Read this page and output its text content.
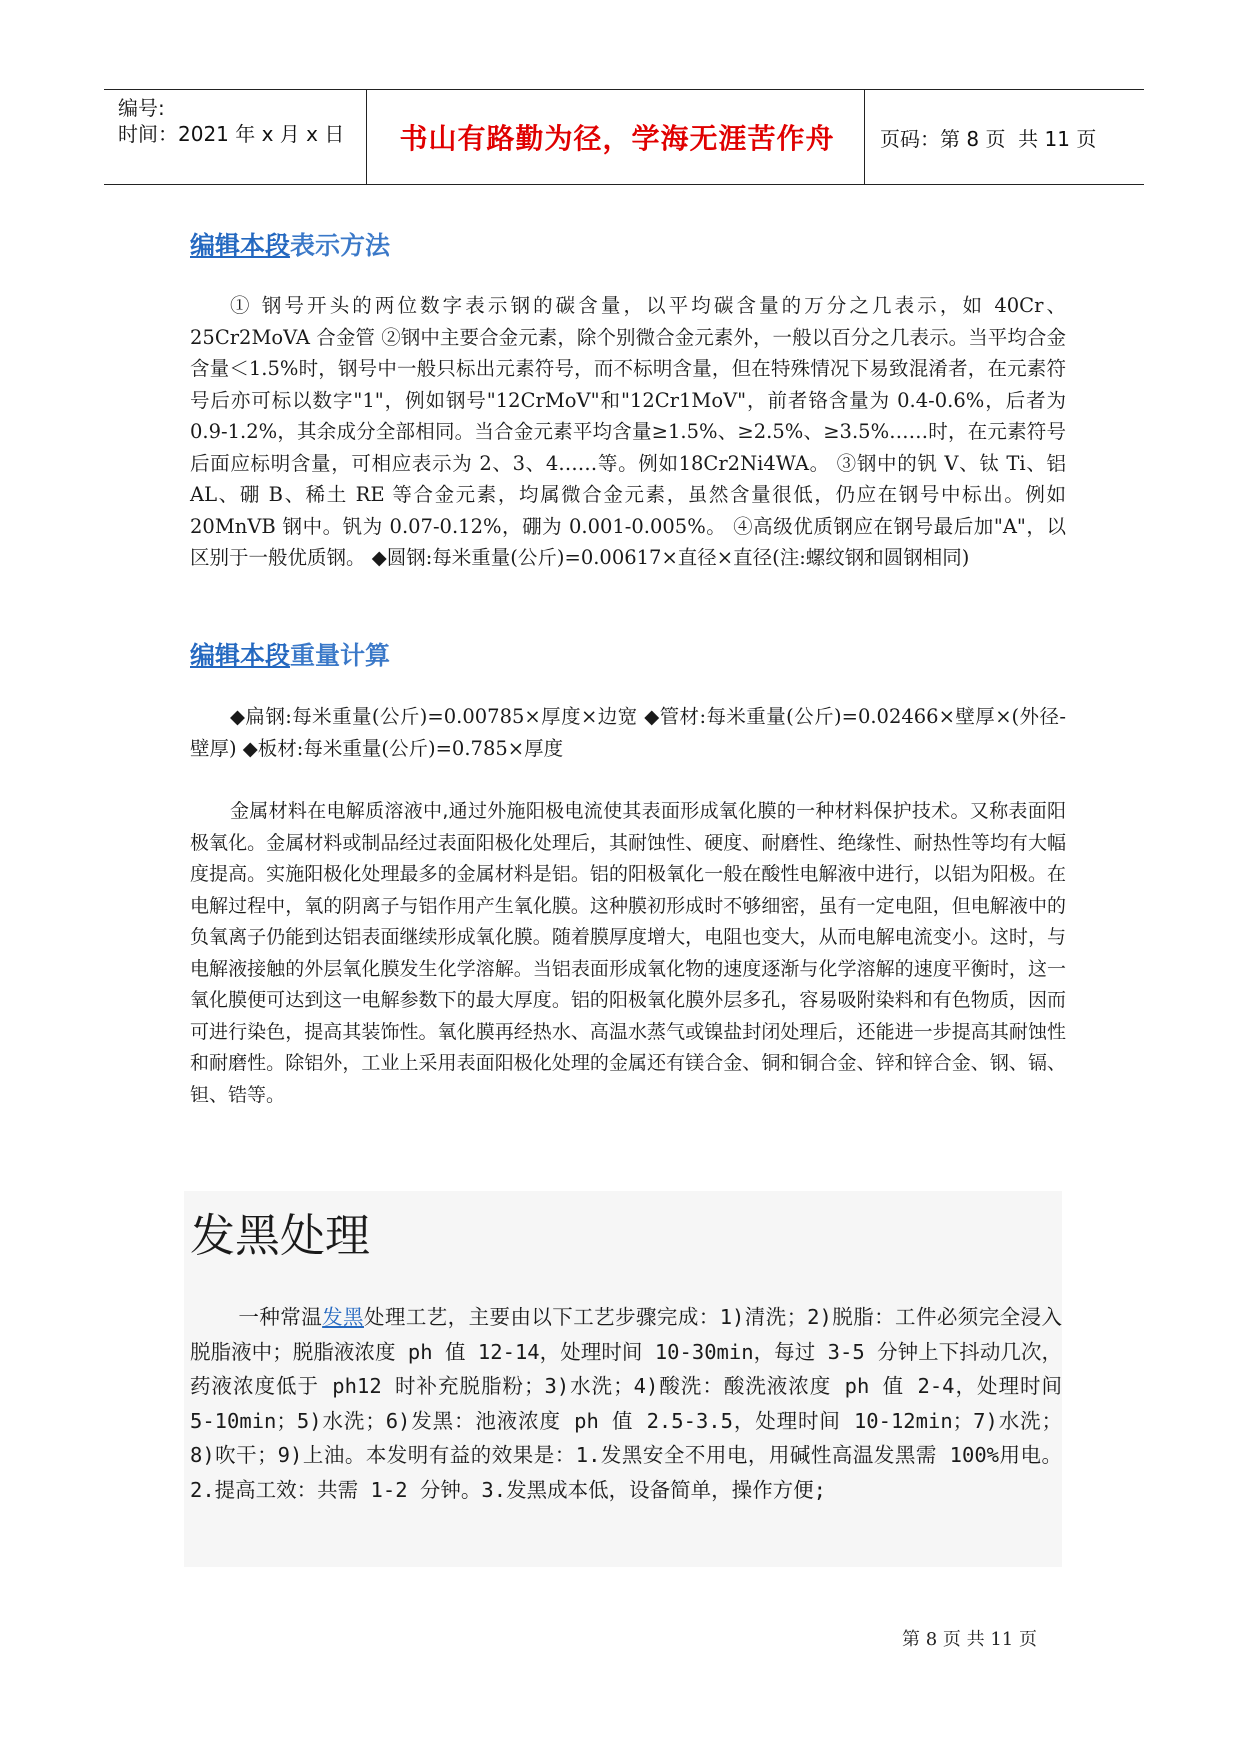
编号:
时间：2021 年 x 月 x 日	书山有路勤为径，学海无涯苦作舟	页码：第 8 页  共 11 页
编辑本段表示方法

① 钢号开头的两位数字表示钢的碳含量，以平均碳含量的万分之几表示，如 40Cr、25Cr2MoVA 合金管 ②钢中主要合金元素，除个别微合金元素外，一般以百分之几表示。当平均合金含量＜1.5%时，钢号中一般只标出元素符号，而不标明含量，但在特殊情况下易致混淆者，在元素符号后亦可标以数字"1"，例如钢号"12CrMoV"和"12Cr1MoV"，前者铬含量为 0.4-0.6%，后者为 0.9-1.2%，其余成分全部相同。当合金元素平均含量≥1.5%、≥2.5%、≥3.5%……时，在元素符号后面应标明含量，可相应表示为 2、3、4……等。例如18Cr2Ni4WA。 ③钢中的钒 V、钛 Ti、铝 AL、硼 B、稀土 RE 等合金元素，均属微合金元素，虽然含量很低，仍应在钢号中标出。例如 20MnVB 钢中。钒为 0.07-0.12%，硼为 0.001-0.005%。 ④高级优质钢应在钢号最后加"A"，以区别于一般优质钢。 ◆圆钢:每米重量(公斤)=0.00617×直径×直径(注:螺纹钢和圆钢相同)

编辑本段重量计算

◆扁钢:每米重量(公斤)=0.00785×厚度×边宽 ◆管材:每米重量(公斤)=0.02466×壁厚×(外径-壁厚) ◆板材:每米重量(公斤)=0.785×厚度

金属材料在电解质溶液中,通过外施阳极电流使其表面形成氧化膜的一种材料保护技术。又称表面阳极氧化。金属材料或制品经过表面阳极化处理后，其耐蚀性、硬度、耐磨性、绝缘性、耐热性等均有大幅度提高。实施阳极化处理最多的金属材料是铝。铝的阳极氧化一般在酸性电解液中进行，以铝为阳极。在电解过程中，氧的阴离子与铝作用产生氧化膜。这种膜初形成时不够细密，虽有一定电阻，但电解液中的负氧离子仍能到达铝表面继续形成氧化膜。随着膜厚度增大，电阻也变大，从而电解电流变小。这时，与电解液接触的外层氧化膜发生化学溶解。当铝表面形成氧化物的速度逐渐与化学溶解的速度平衡时，这一氧化膜便可达到这一电解参数下的最大厚度。铝的阳极氧化膜外层多孔，容易吸附染料和有色物质，因而可进行染色，提高其装饰性。氧化膜再经热水、高温水蒸气或镍盐封闭处理后，还能进一步提高其耐蚀性和耐磨性。除铝外，工业上采用表面阳极化处理的金属还有镁合金、铜和铜合金、锌和锌合金、钢、镉、钽、锆等。

发黑处理
一种常温发黑处理工艺，主要由以下工艺步骤完成：1)清洗；2)脱脂：工件必须完全浸入脱脂液中；脱脂液浓度 ph 值 12-14，处理时间 10-30min，每过 3-5 分钟上下抖动几次，药液浓度低于 ph12 时补充脱脂粉；3)水洗；4)酸洗：酸洗液浓度 ph 值 2-4，处理时间 5-10min；5)水洗；6)发黑：池液浓度 ph 值 2.5-3.5，处理时间 10-12min；7)水洗；8)吹干；9)上油。本发明有益的效果是：1.发黑安全不用电，用碱性高温发黑需 100%用电。2.提高工效：共需 1-2 分钟。3.发黑成本低，设备简单，操作方便;
第 8 页 共 11 页
